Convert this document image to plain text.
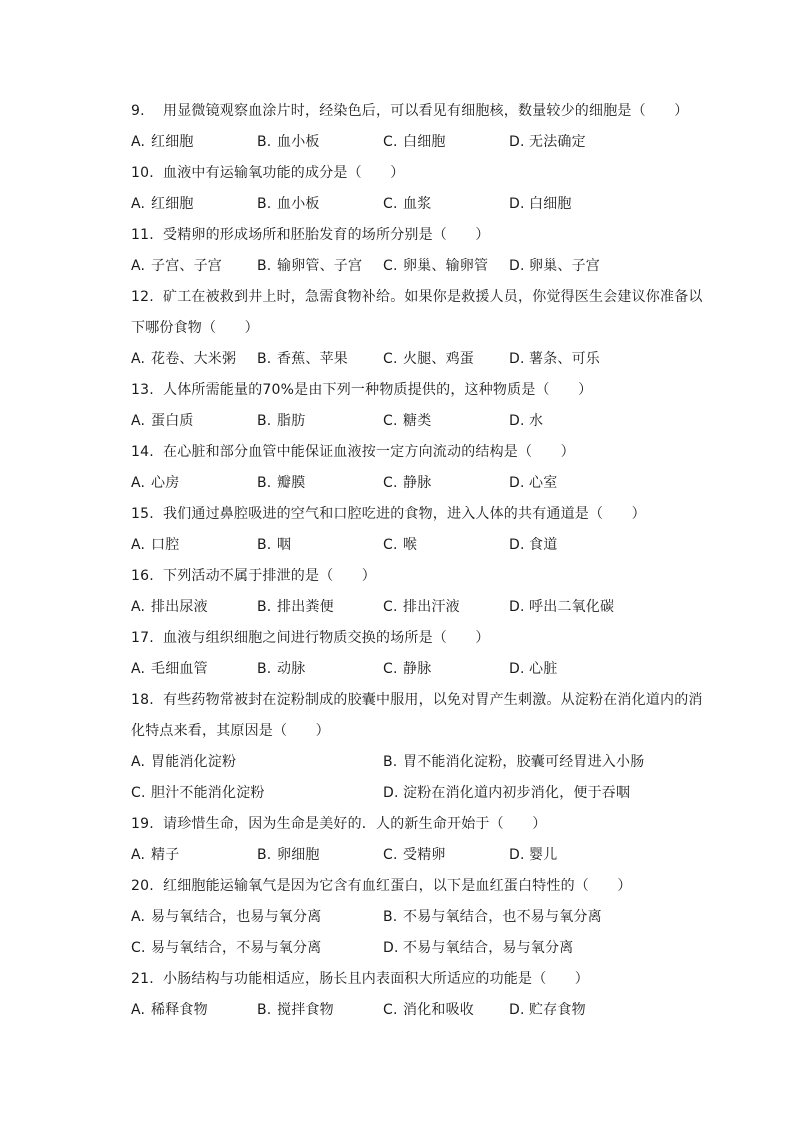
9. 用显微镜观察血涂片时，经染色后，可以看见有细胞核，数量较少的细胞是（　　）
A. 红细胞	B. 血小板	C. 白细胞	D. 无法确定
10. 血液中有运输氧功能的成分是（　　）
A. 红细胞	B. 血小板	C. 血浆	D. 白细胞
11. 受精卵的形成场所和胚胎发育的场所分别是（　　）
A. 子宫、子宫	B. 输卵管、子宫	C. 卵巢、输卵管	D. 卵巢、子宫
12. 矿工在被救到井上时，急需食物补给。如果你是救援人员，你觉得医生会建议你准备以
下哪份食物（　　）
A. 花卷、大米粥	B. 香蕉、苹果	C. 火腿、鸡蛋	D. 薯条、可乐
13. 人体所需能量的70%是由下列一种物质提供的，这种物质是（　　）
A. 蛋白质	B. 脂肪	C. 糖类	D. 水
14. 在心脏和部分血管中能保证血液按一定方向流动的结构是（　　）
A. 心房	B. 瓣膜	C. 静脉	D. 心室
15. 我们通过鼻腔吸进的空气和口腔吃进的食物，进入人体的共有通道是（　　）
A. 口腔	B. 咽	C. 喉	D. 食道
16. 下列活动不属于排泄的是（　　）
A. 排出尿液	B. 排出粪便	C. 排出汗液	D. 呼出二氧化碳
17. 血液与组织细胞之间进行物质交换的场所是（　　）
A. 毛细血管	B. 动脉	C. 静脉	D. 心脏
18. 有些药物常被封在淀粉制成的胶囊中服用，以免对胃产生刺激。从淀粉在消化道内的消
化特点来看，其原因是（　　）
A. 胃能消化淀粉	B. 胃不能消化淀粉，胶囊可经胃进入小肠
C. 胆汁不能消化淀粉	D. 淀粉在消化道内初步消化，便于吞咽
19. 请珍惜生命，因为生命是美好的．人的新生命开始于（　　）
A. 精子	B. 卵细胞	C. 受精卵	D. 婴儿
20. 红细胞能运输氧气是因为它含有血红蛋白，以下是血红蛋白特性的（　　）
A. 易与氧结合，也易与氧分离	B. 不易与氧结合，也不易与氧分离
C. 易与氧结合，不易与氧分离	D. 不易与氧结合，易与氧分离
21. 小肠结构与功能相适应，肠长且内表面积大所适应的功能是（　　）
A. 稀释食物	B. 搅拌食物	C. 消化和吸收	D. 贮存食物
